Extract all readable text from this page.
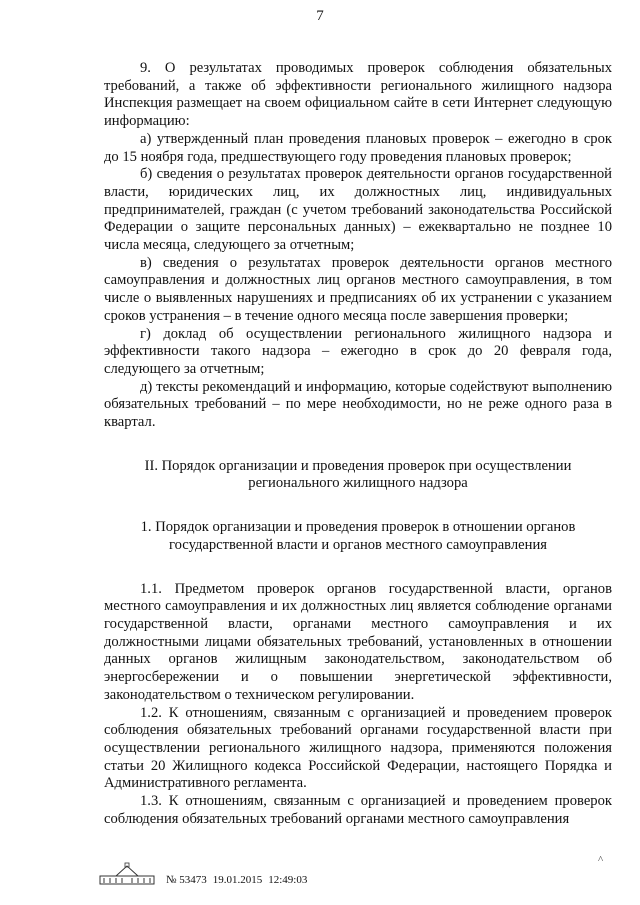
7

9. О результатах проводимых проверок соблюдения обязательных требований, а также об эффективности регионального жилищного надзора Инспекция размещает на своем официальном сайте в сети Интернет следующую информацию:

а) утвержденный план проведения плановых проверок – ежегодно в срок до 15 ноября года, предшествующего году проведения плановых проверок;

б) сведения о результатах проверок деятельности органов государственной власти, юридических лиц, их должностных лиц, индивидуальных предпринимателей, граждан (с учетом требований законодательства Российской Федерации о защите персональных данных) – ежеквартально не позднее 10 числа месяца, следующего за отчетным;

в) сведения о результатах проверок деятельности органов местного самоуправления и должностных лиц органов местного самоуправления, в том числе о выявленных нарушениях и предписаниях об их устранении с указанием сроков устранения – в течение одного месяца после завершения проверки;

г) доклад об осуществлении регионального жилищного надзора и эффективности такого надзора – ежегодно в срок до 20 февраля года, следующего за отчетным;

д) тексты рекомендаций и информацию, которые содействуют выполнению обязательных требований – по мере необходимости, но не реже одного раза в квартал.

II. Порядок организации и проведения проверок при осуществлении регионального жилищного надзора

1. Порядок организации и проведения проверок в отношении органов государственной власти и органов местного самоуправления

1.1. Предметом проверок органов государственной власти, органов местного самоуправления и их должностных лиц является соблюдение органами государственной власти, органами местного самоуправления и их должностными лицами обязательных требований, установленных в отношении данных органов жилищным законодательством, законодательством об энергосбережении и о повышении энергетической эффективности, законодательством о техническом регулировании.

1.2. К отношениям, связанным с организацией и проведением проверок соблюдения обязательных требований органами государственной власти при осуществлении регионального жилищного надзора, применяются положения статьи 20 Жилищного кодекса Российской Федерации, настоящего Порядка и Административного регламента.

1.3. К отношениям, связанным с организацией и проведением проверок соблюдения обязательных требований органами местного самоуправления

^
№ 53473 19.01.2015 12:49:03
